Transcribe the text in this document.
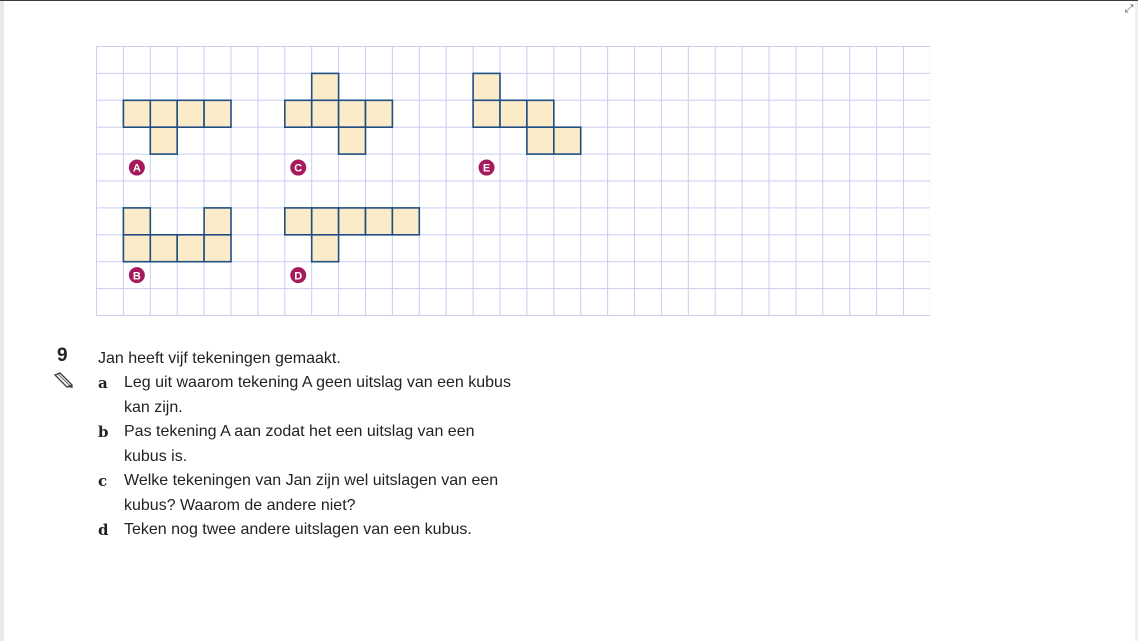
⤢
A	C	E
B	D
9 Jan heeft vijf tekeningen gemaakt.
a Leg uit waarom tekening A geen uitslag van een kubus
kan zijn.
b Pas tekening A aan zodat het een uitslag van een
kubus is.
c Welke tekeningen van Jan zijn wel uitslagen van een
kubus? Waarom de andere niet?
d Teken nog twee andere uitslagen van een kubus.
